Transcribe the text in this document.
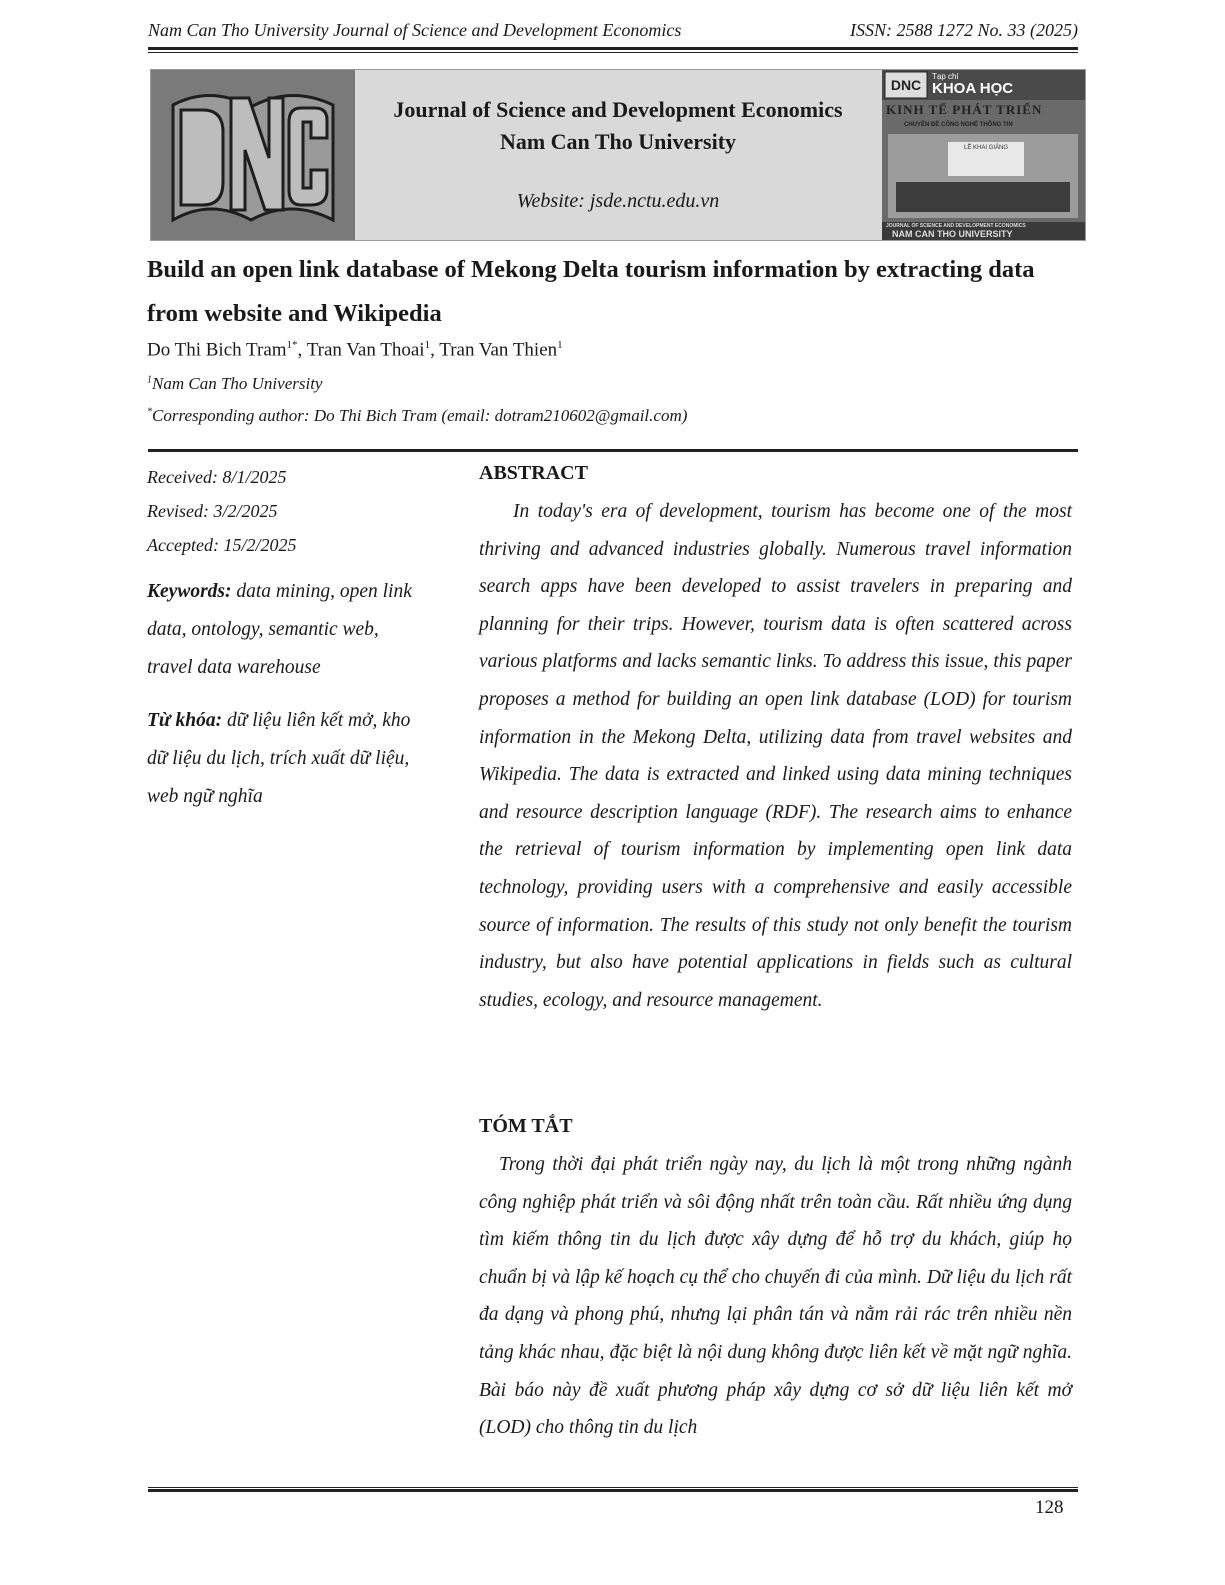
Nam Can Tho University Journal of Science and Development Economics	ISSN: 2588 1272 No. 33 (2025)
Journal of Science and Development Economics
Nam Can Tho University
Website: jsde.nctu.edu.vn
DNC
Tạp chí
KHOA HỌC
KINH TẾ PHÁT TRIỂN
CHUYÊN ĐỀ CÔNG NGHỆ THÔNG TIN
LỄ KHAI GIẢNG
JOURNAL OF SCIENCE AND DEVELOPMENT ECONOMICS
NAM CAN THO UNIVERSITY
Build an open link database of Mekong Delta tourism information by extracting data from website and Wikipedia
Do Thi Bich Tram$^{1*}$, Tran Van Thoai$^1$, Tran Van Thien$^1$
$^1$Nam Can Tho University
*Corresponding author: Do Thi Bich Tram (email: dotram210602@gmail.com)
Received: 8/1/2025
Revised: 3/2/2025
Accepted: 15/2/2025
Keywords: data mining, open link data, ontology, semantic web, travel data warehouse
Từ khóa: dữ liệu liên kết mở, kho dữ liệu du lịch, trích xuất dữ liệu, web ngữ nghĩa
ABSTRACT
In today's era of development, tourism has become one of the most thriving and advanced industries globally. Numerous travel information search apps have been developed to assist travelers in preparing and planning for their trips. However, tourism data is often scattered across various platforms and lacks semantic links. To address this issue, this paper proposes a method for building an open link database (LOD) for tourism information in the Mekong Delta, utilizing data from travel websites and Wikipedia. The data is extracted and linked using data mining techniques and resource description language (RDF). The research aims to enhance the retrieval of tourism information by implementing open link data technology, providing users with a comprehensive and easily accessible source of information. The results of this study not only benefit the tourism industry, but also have potential applications in fields such as cultural studies, ecology, and resource management.
TÓM TẮT
Trong thời đại phát triển ngày nay, du lịch là một trong những ngành công nghiệp phát triển và sôi động nhất trên toàn cầu. Rất nhiều ứng dụng tìm kiếm thông tin du lịch được xây dựng để hỗ trợ du khách, giúp họ chuẩn bị và lập kế hoạch cụ thể cho chuyến đi của mình. Dữ liệu du lịch rất đa dạng và phong phú, nhưng lại phân tán và nằm rải rác trên nhiều nền tảng khác nhau, đặc biệt là nội dung không được liên kết về mặt ngữ nghĩa. Bài báo này đề xuất phương pháp xây dựng cơ sở dữ liệu liên kết mở (LOD) cho thông tin du lịch
128
